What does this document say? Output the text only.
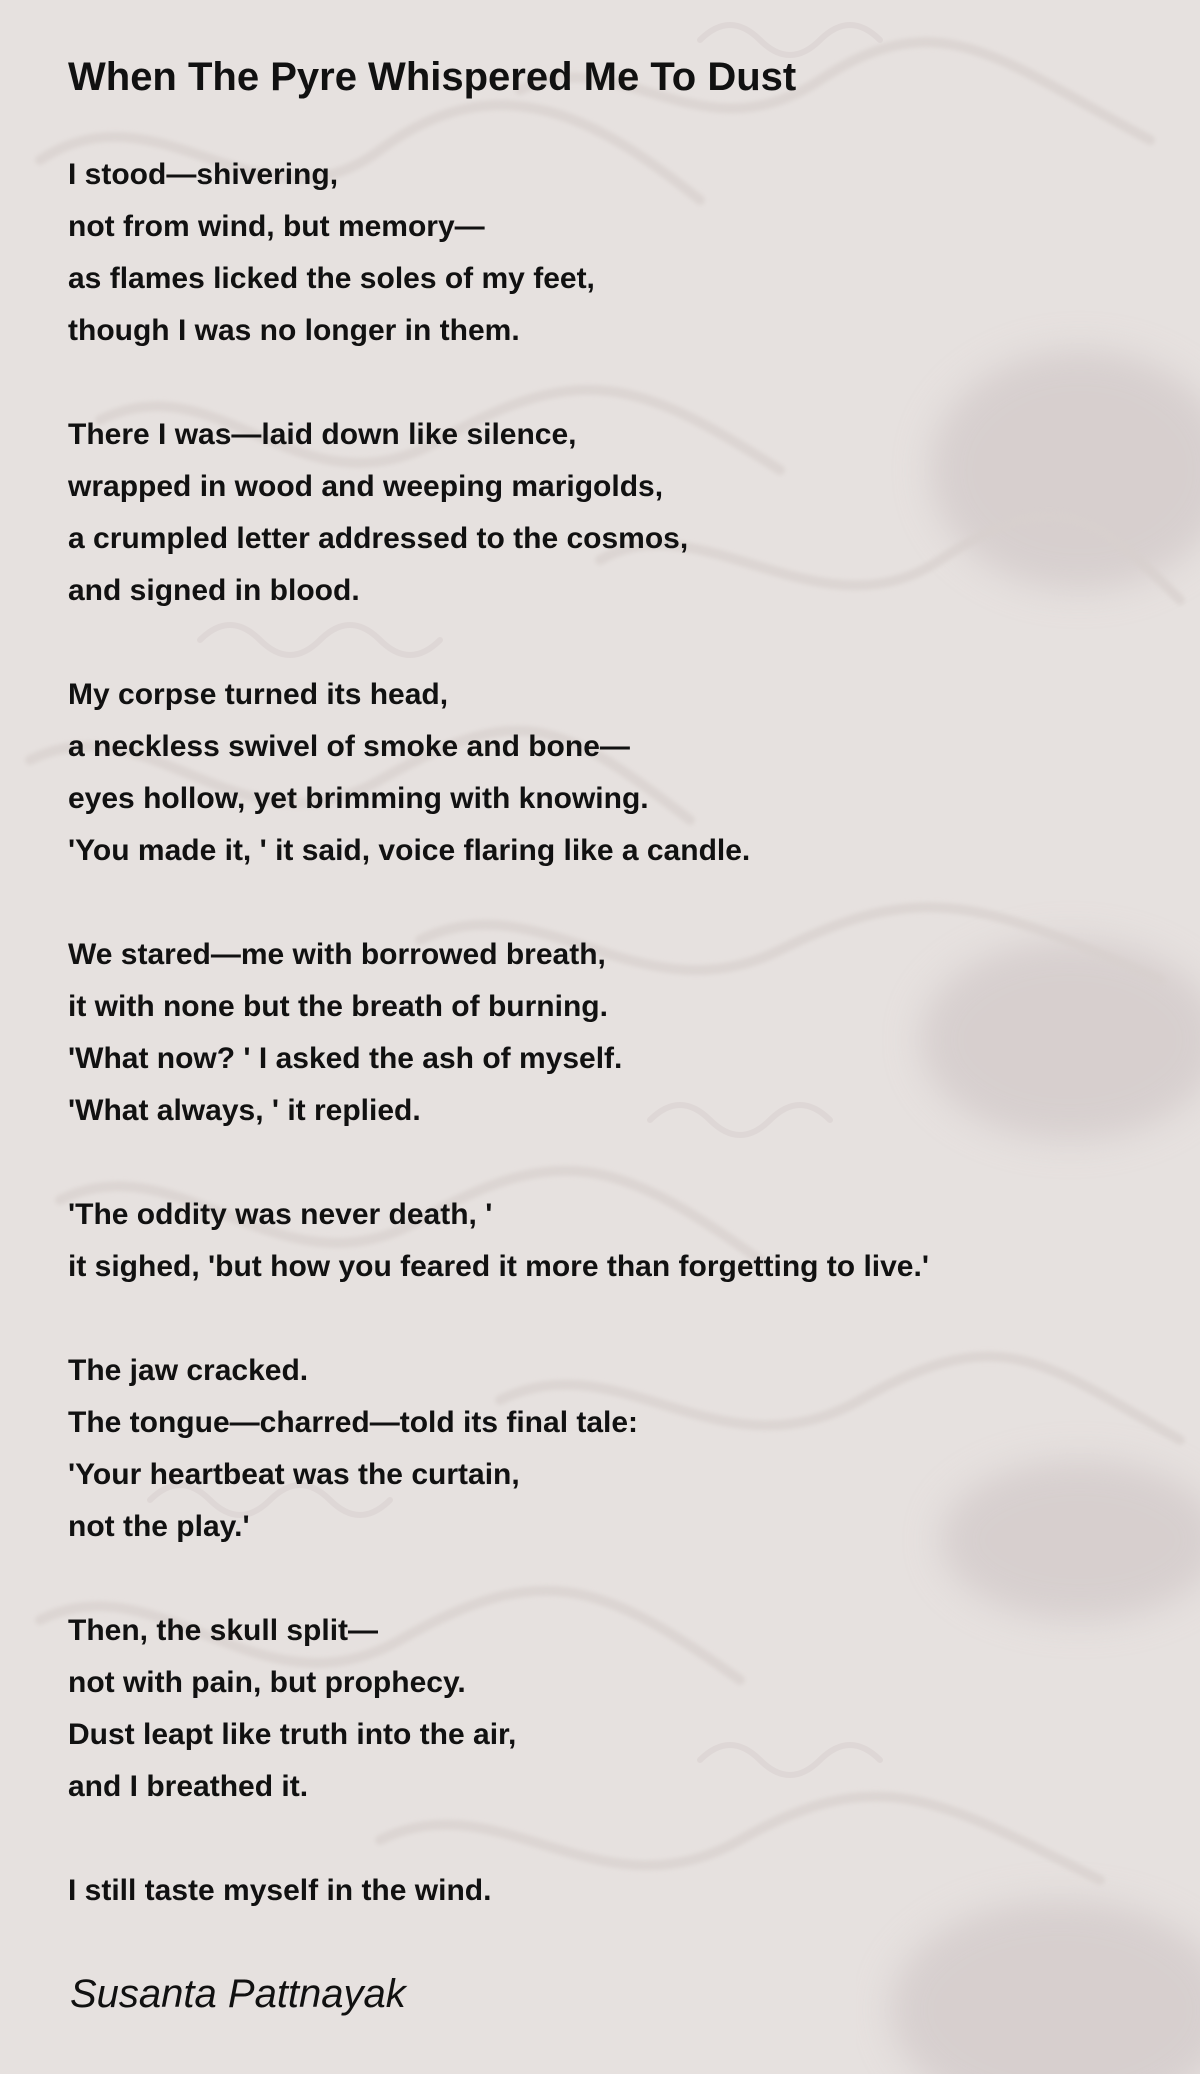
When The Pyre Whispered Me To Dust
I stood—shivering,
not from wind, but memory—
as flames licked the soles of my feet,
though I was no longer in them.
There I was—laid down like silence,
wrapped in wood and weeping marigolds,
a crumpled letter addressed to the cosmos,
and signed in blood.
My corpse turned its head,
a neckless swivel of smoke and bone—
eyes hollow, yet brimming with knowing.
'You made it, ' it said, voice flaring like a candle.
We stared—me with borrowed breath,
it with none but the breath of burning.
'What now? ' I asked the ash of myself.
'What always, ' it replied.
'The oddity was never death, '
it sighed, 'but how you feared it more than forgetting to live.'
The jaw cracked.
The tongue—charred—told its final tale:
'Your heartbeat was the curtain,
not the play.'
Then, the skull split—
not with pain, but prophecy.
Dust leapt like truth into the air,
and I breathed it.
I still taste myself in the wind.
Susanta Pattnayak
